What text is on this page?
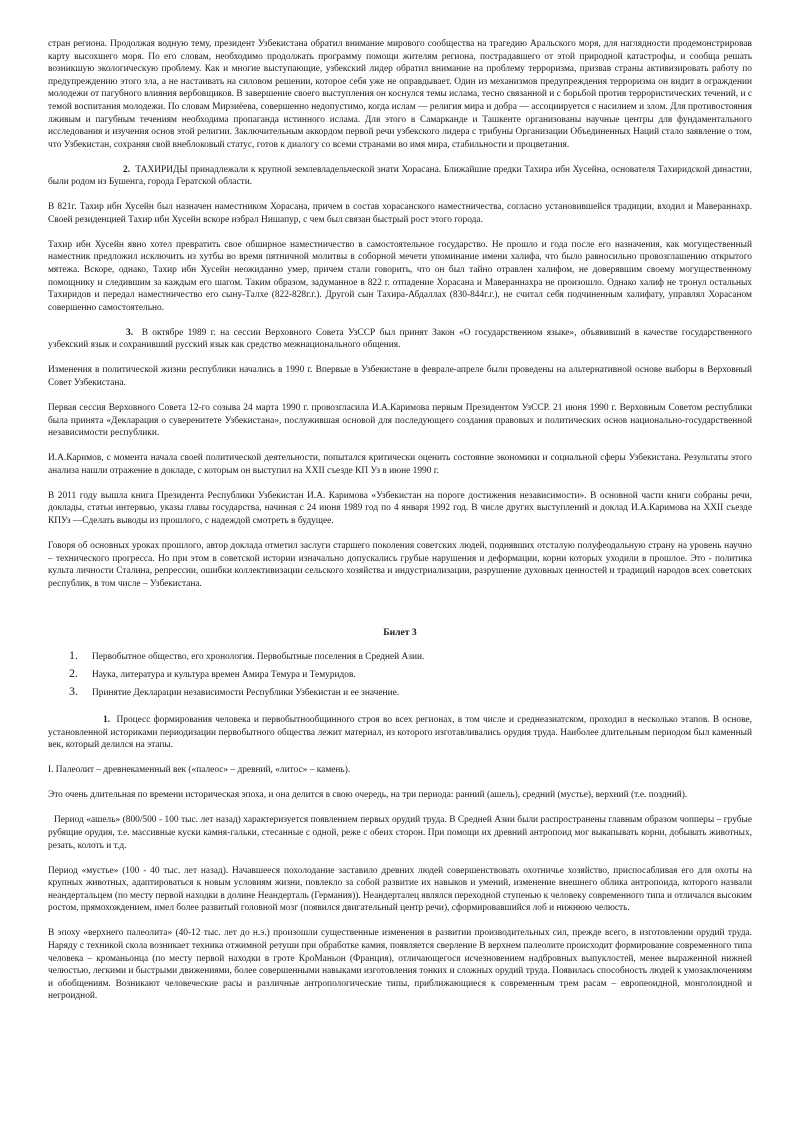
стран региона. Продолжая водную тему, президент Узбекистана обратил внимание мирового сообщества на трагедию Аральского моря, для наглядности продемонстрировав карту высохшего моря. По его словам, необходимо продолжать программу помощи жителям региона, пострадавшего от этой природной катастрофы, и сообща решать возникшую экологическую проблему. Как и многие выступающие, узбекский лидер обратил внимание на проблему терроризма, призвав страны активизировать работу по предупреждению этого зла, а не настаивать на силовом решении, которое себя уже не оправдывает. Один из механизмов предупреждения терроризма он видит в ограждении молодежи от пагубного влияния вербовщиков. В завершение своего выступления он коснулся темы ислама, тесно связанной и с борьбой против террористических течений, и с темой воспитания молодежи. По словам Мирзиёева, совершенно недопустимо, когда ислам — религия мира и добра — ассоциируется с насилием и злом. Для противостояния лживым и пагубным течениям необходима пропаганда истинного ислама. Для этого в Самарканде и Ташкенте организованы научные центры для фундаментального исследования и изучения основ этой религии. Заключительным аккордом первой речи узбекского лидера с трибуны Организации Объединенных Наций стало заявление о том, что Узбекистан, сохраняя свой внеблоковый статус, готов к диалогу со всеми странами во имя мира, стабильности и процветания.

2. ТАХИРИДЫ принадлежали к крупной землевладельческой знати Хорасана. Ближайшие предки Тахира ибн Хусейна, основателя Тахиридской династии, были родом из Бушенга, города Гератской области.

В 821г. Тахир ибн Хусейн был назначен наместником Хорасана, причем в состав хорасанского наместничества, согласно установившейся традиции, входил и Мавераннахр. Своей резиденцией Тахир ибн Хусейн вскоре избрал Нишапур, с чем был связан быстрый рост этого города.

Тахир ибн Хусейн явно хотел превратить свое обширное наместничество в самостоятельное государство. Не прошло и года после его назначения, как могущественный наместник предложил исключить из хутбы во время пятничной молитвы в соборной мечети упоминание имени халифа, что было равносильно провозглашению открытого мятежа. Вскоре, однако, Тахир ибн Хусейн неожиданно умер, причем стали говорить, что он был тайно отравлен халифом, не доверявшим своему могущественному помощнику и следившим за каждым его шагом. Таким образом, задуманное в 822 г. отпадение Хорасана и Мавераннахра не произошло. Однако халиф не тронул остальных Тахиридов и передал наместничество его сыну-Талхе (822-828г.г.). Другой сын Тахира-Абдаллах (830-844г.г.), не считал себя подчиненным халифату, управлял Хорасаном совершенно самостоятельно.

3. В октябре 1989 г. на сессии Верховного Совета УзССР был принят Закон «О государственном языке», объявивший в качестве государственного узбекский язык и сохранивший русский язык как средство межнационального общения.

Изменения в политической жизни республики начались в 1990 г. Впервые в Узбекистане в феврале-апреле были проведены на альтернативной основе выборы в Верховный Совет Узбекистана.

Первая сессия Верховного Совета 12-го созыва 24 марта 1990 г. провозгласила И.А.Каримова первым Президентом УзССР. 21 июня 1990 г. Верховным Советом республики была принята «Декларация о суверенитете Узбекистана», послужившая основой для последующего создания правовых и политических основ национально-государственной независимости республики.

И.А.Каримов, с момента начала своей политической деятельности, попытался критически оценить состояние экономики и социальной сферы Узбекистана. Результаты этого анализа нашли отражение в докладе, с которым он выступил на XXII съезде КП Уз в июне 1990 г.

В 2011 году вышла книга Президента Республики Узбекистан И.А. Каримова «Узбекистан на пороге достижения независимости». В основной части книги собраны речи, доклады, статьи интервью, указы главы государства, начиная с 24 июня 1989 год по 4 января 1992 год. В числе других выступлений и доклад И.А.Каримова на XXII съезде КПУз —Сделать выводы из прошлого, с надеждой смотреть в будущее.

Говоря об основных уроках прошлого, автор доклада отметил заслуги старшего поколения советских людей, поднявших отсталую полуфеодальную страну на уровень научно – технического прогресса. Но при этом в советской истории изначально допускались грубые нарушения и деформации, корни которых уходили в прошлое. Это - политика культа личности Сталина, репрессии, ошибки коллективизации сельского хозяйства и индустриализации, разрушение духовных ценностей и традиций народов всех советских республик, в том числе – Узбекистана.

Билет 3
1.	Первобытное общество, его хронология. Первобытные поселения в Средней Азии.
2.	Наука, литература и культура времен Амира Темура и Темуридов.
3.	Принятие Декларации независимости Республики Узбекистан и ее значение.

1. Процесс формирования человека и первобытнообщинного строя во всех регионах, в том числе и среднеазиатском, проходил в несколько этапов. В основе, установленной историками периодизации первобытного общества лежит материал, из которого изготавливались орудия труда. Наиболее длительным периодом был каменный век, который делился на этапы.

I. Палеолит – древнекаменный век («палеос» – древний, «литос» – камень).

Это очень длительная по времени историческая эпоха, и она делится в свою очередь, на три периода: ранний (ашель), средний (мустье), верхний (т.е. поздний).

Период «ашель» (800/500 - 100 тыс. лет назад) характеризуется появлением первых орудий труда. В Средней Азии были распространены главным образом чопперы – грубые рубящие орудия, т.е. массивные куски камня-гальки, стесанные с одной, реже с обеих сторон. При помощи их древний антропоид мог выкапывать корни, добывать животных, резать, колоть и т.д.

Период «мустье» (100 - 40 тыс. лет назад). Начавшееся похолодание заставило древних людей совершенствовать охотничье хозяйство, приспосабливая его для охоты на крупных животных, адаптироваться к новым условиям жизни, повлекло за собой развитие их навыков и умений, изменение внешнего облика антропоида, которого назвали неандертальцем (по месту первой находки в долине Неандерталь (Германия)). Неандерталец являлся переходной ступенью к человеку современного типа и отличался высоким ростом, прямохождением, имел более развитый головной мозг (появился двигательный центр речи), сформировавшийся лоб и нижнюю челюсть.

В эпоху «верхнего палеолита» (40-12 тыс. лет до н.э.) произошли существенные изменения в развитии производительных сил, прежде всего, в изготовлении орудий труда. Наряду с техникой скола возникает техника отжимной ретуши при обработке камня, появляется сверление В верхнем палеолите происходит формирование современного типа человека – кроманьонца (по месту первой находки в гроте КроМаньон (Франция), отличающегося исчезновением надбровных выпуклостей, менее выраженной нижней челюстью, легкими и быстрыми движениями, более совершенными навыками изготовления тонких и сложных орудий труда. Появилась способность людей к умозаключениям и обобщениям. Возникают человеческие расы и различные антропологические типы, приближающиеся к современным трем расам – европеоидной, монголоидной и негроидной.
